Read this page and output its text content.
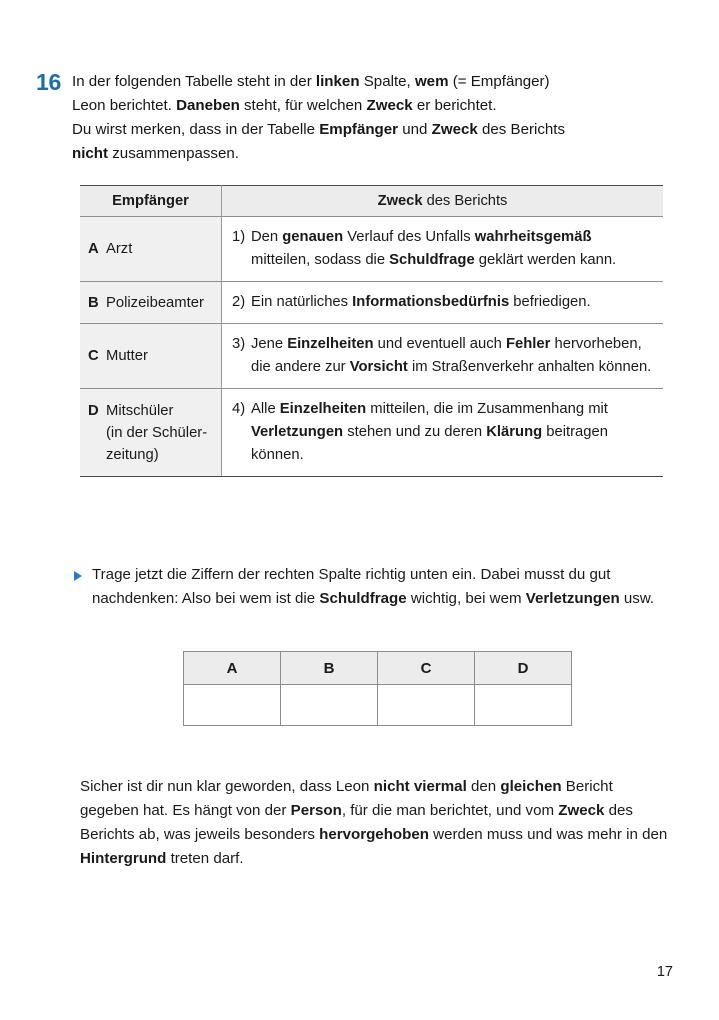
16 In der folgenden Tabelle steht in der linken Spalte, wem (= Empfänger)
Leon berichtet. Daneben steht, für welchen Zweck er berichtet.
Du wirst merken, dass in der Tabelle Empfänger und Zweck des Berichts
nicht zusammenpassen.
Empfänger	Zweck des Berichts

A Arzt	1) Den genauen Verlauf des Unfalls wahrheitsgemäß mitteilen, sodass die Schuldfrage geklärt werden kann.

B Polizeibeamter	2) Ein natürliches Informationsbedürfnis befriedigen.

C Mutter	3) Jene Einzelheiten und eventuell auch Fehler hervorheben, die andere zur Vorsicht im Straßenverkehr anhalten können.

D Mitschüler
(in der Schüler-
zeitung)	4) Alle Einzelheiten mitteilen, die im Zusammenhang mit Verletzungen stehen und zu deren Klärung beitragen können.
Trage jetzt die Ziffern der rechten Spalte richtig unten ein. Dabei musst du gut nachdenken: Also bei wem ist die Schuldfrage wichtig, bei wem Verletzungen usw.
A	B	C	D

Sicher ist dir nun klar geworden, dass Leon nicht viermal den gleichen Bericht gegeben hat. Es hängt von der Person, für die man berichtet, und vom Zweck des Berichts ab, was jeweils besonders hervorgehoben werden muss und was mehr in den Hintergrund treten darf.
17
